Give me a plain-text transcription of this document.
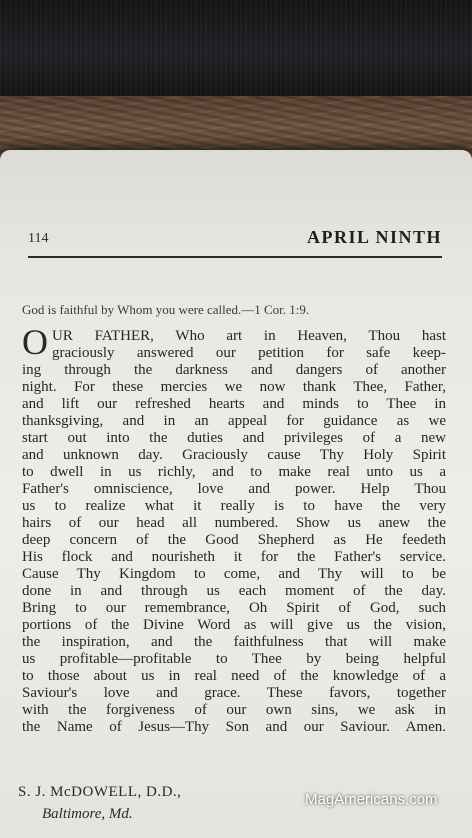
114	APRIL NINTH
God is faithful by Whom you were called.—1 Cor. 1:9.
O UR FATHER, Who art in Heaven, Thou hast
graciously answered our petition for safe keep-
ing through the darkness and dangers of another
night. For these mercies we now thank Thee, Father,
and lift our refreshed hearts and minds to Thee in
thanksgiving, and in an appeal for guidance as we
start out into the duties and privileges of a new
and unknown day. Graciously cause Thy Holy Spirit
to dwell in us richly, and to make real unto us a
Father's omniscience, love and power. Help Thou
us to realize what it really is to have the very
hairs of our head all numbered. Show us anew the
deep concern of the Good Shepherd as He feedeth
His flock and nourisheth it for the Father's service.
Cause Thy Kingdom to come, and Thy will to be
done in and through us each moment of the day.
Bring to our remembrance, Oh Spirit of God, such
portions of the Divine Word as will give us the vision,
the inspiration, and the faithfulness that will make
us profitable—profitable to Thee by being helpful
to those about us in real need of the knowledge of a
Saviour's love and grace. These favors, together
with the forgiveness of our own sins, we ask in
the Name of Jesus—Thy Son and our Saviour. Amen.
S. J. McDOWELL, D.D.,
Baltimore, Md.
MagAmericans.com
